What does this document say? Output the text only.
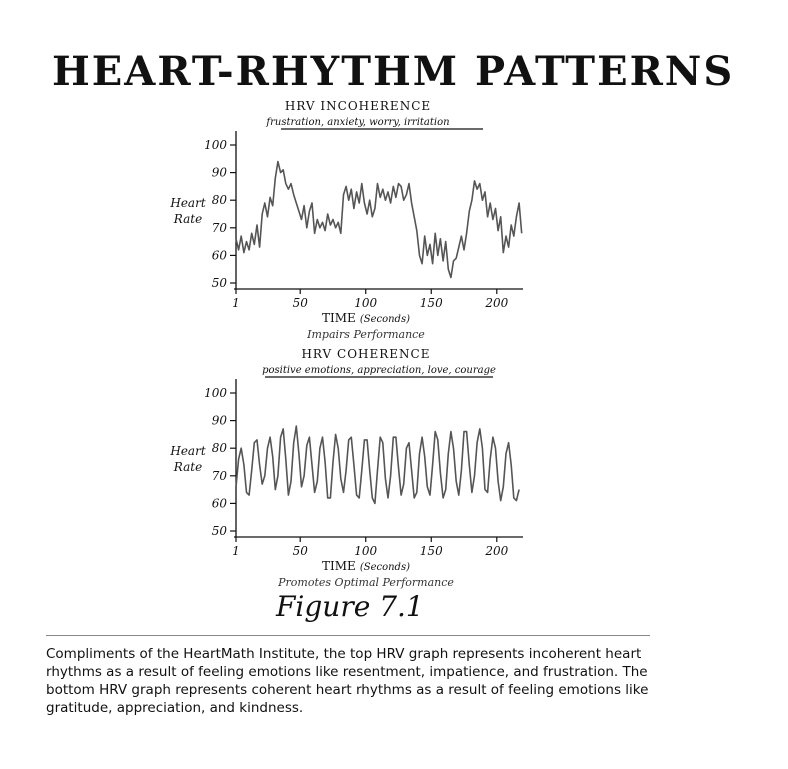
HEART-RHYTHM PATTERNS
HRV INCOHERENCE
frustration, anxiety, worry, irritation
Heart
Rate
TIME (Seconds)
Impairs Performance
50
60
70
80
90
100
1	50	100	150	200
HRV COHERENCE
positive emotions, appreciation, love, courage
Heart
Rate
TIME (Seconds)
Promotes Optimal Performance
50
60
70
80
90
100
1	50	100	150	200
Figure 7.1
Compliments of the HeartMath Institute, the top HRV graph represents incoherent heart rhythms as a result of feeling emotions like resentment, impatience, and frustration. The bottom HRV graph represents coherent heart rhythms as a result of feeling emotions like gratitude, appreciation, and kindness.
